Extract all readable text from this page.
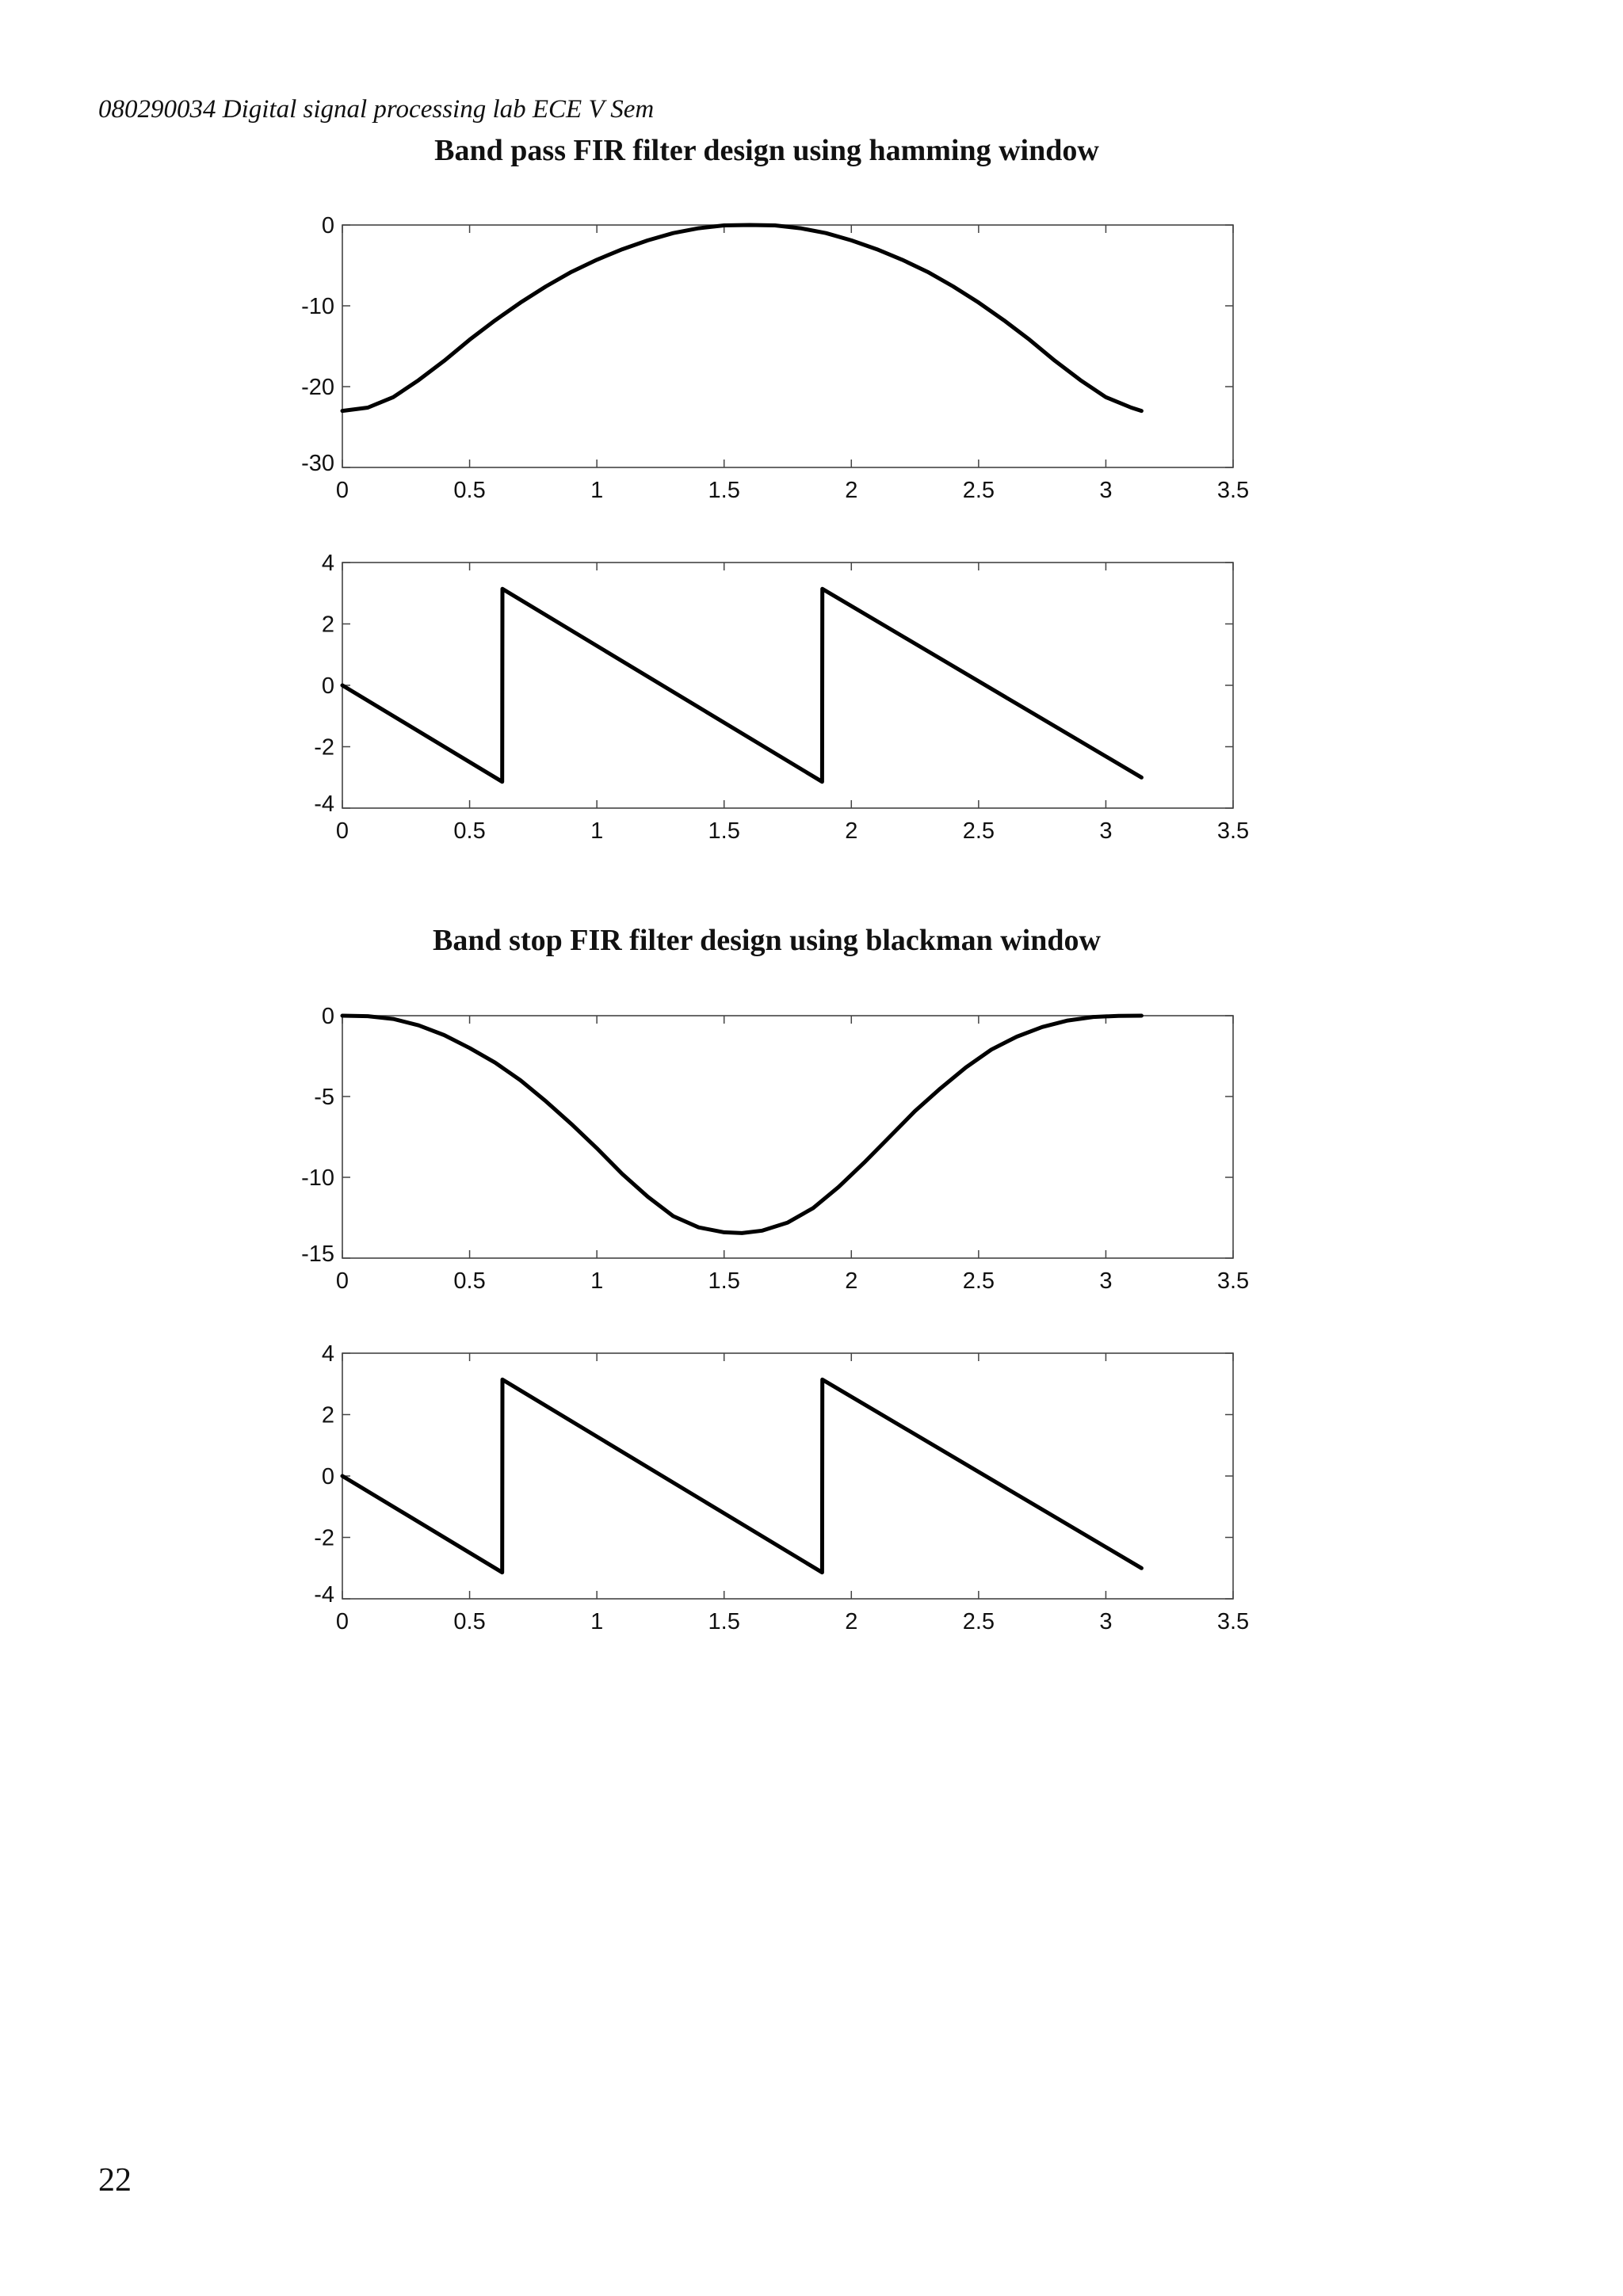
080290034 Digital signal processing lab ECE V Sem
Band pass FIR filter design using hamming window
Band stop FIR filter design using blackman window
0	0.5	1	1.5	2	2.5	3	3.5
0
-10
-20
-30
0	0.5	1	1.5	2	2.5	3	3.5
4
2
0
-2
-4
0	0.5	1	1.5	2	2.5	3	3.5
0
-5
-10
-15
0	0.5	1	1.5	2	2.5	3	3.5
4
2
0
-2
-4
22
